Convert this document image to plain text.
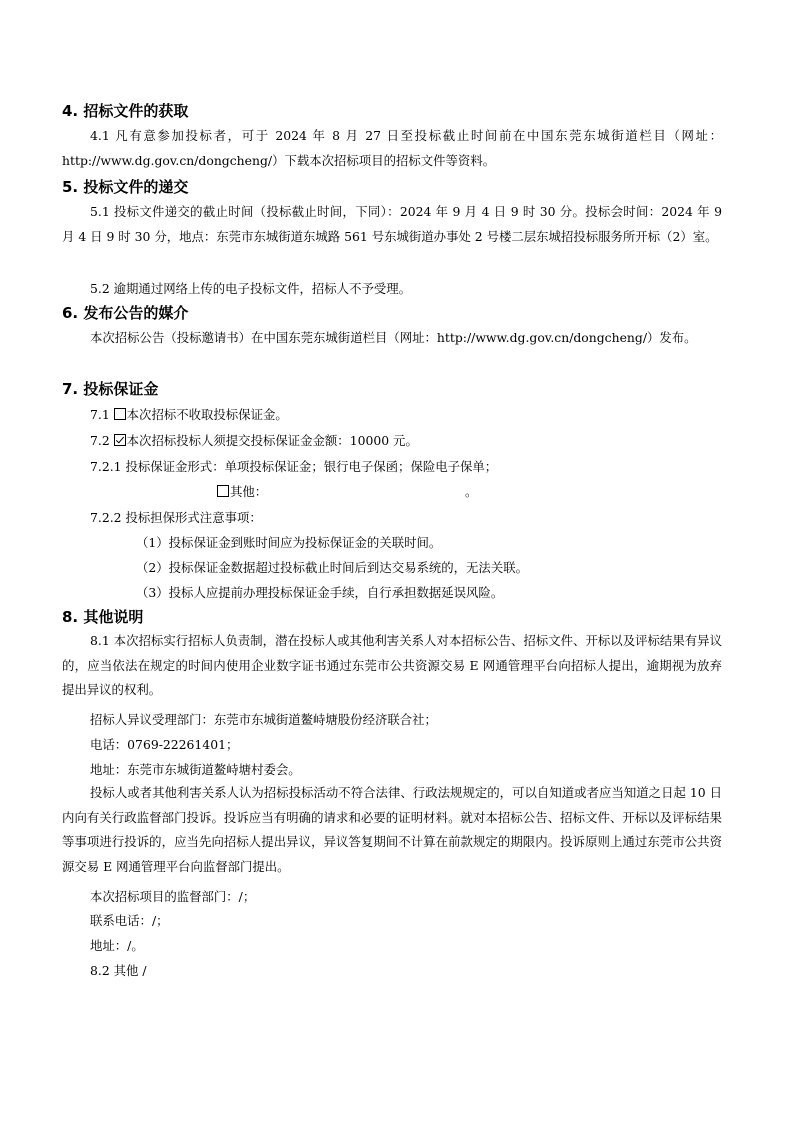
4. 招标文件的获取
4.1 凡有意参加投标者，可于 2024 年 8 月 27 日至投标截止时间前在中国东莞东城街道栏目（网址：http://www.dg.gov.cn/dongcheng/）下载本次招标项目的招标文件等资料。
5. 投标文件的递交
5.1 投标文件递交的截止时间（投标截止时间，下同）：2024 年 9 月 4 日 9 时 30 分。投标会时间：2024 年 9 月 4 日 9 时 30 分，地点：东莞市东城街道东城路 561 号东城街道办事处 2 号楼二层东城招投标服务所开标（2）室。
5.2 逾期通过网络上传的电子投标文件，招标人不予受理。
6. 发布公告的媒介
本次招标公告（投标邀请书）在中国东莞东城街道栏目（网址：http://www.dg.gov.cn/dongcheng/）发布。
7. 投标保证金
7.1 本次招标不收取投标保证金。
7.2 本次招标投标人须提交投标保证金金额：10000 元。
7.2.1 投标保证金形式：单项投标保证金；银行电子保函；保险电子保单；
其他：	。
7.2.2 投标担保形式注意事项：
（1）投标保证金到账时间应为投标保证金的关联时间。
（2）投标保证金数据超过投标截止时间后到达交易系统的，无法关联。
（3）投标人应提前办理投标保证金手续，自行承担数据延误风险。
8. 其他说明
8.1 本次招标实行招标人负责制，潜在投标人或其他利害关系人对本招标公告、招标文件、开标以及评标结果有异议的，应当依法在规定的时间内使用企业数字证书通过东莞市公共资源交易 E 网通管理平台向招标人提出，逾期视为放弃提出异议的权利。
招标人异议受理部门：东莞市东城街道鳌峙塘股份经济联合社；
电话：0769-22261401；
地址：东莞市东城街道鳌峙塘村委会。
投标人或者其他利害关系人认为招标投标活动不符合法律、行政法规规定的，可以自知道或者应当知道之日起 10 日内向有关行政监督部门投诉。投诉应当有明确的请求和必要的证明材料。就对本招标公告、招标文件、开标以及评标结果等事项进行投诉的，应当先向招标人提出异议，异议答复期间不计算在前款规定的期限内。投诉原则上通过东莞市公共资源交易 E 网通管理平台向监督部门提出。
本次招标项目的监督部门：/；
联系电话：/；
地址：/。
8.2 其他 /
